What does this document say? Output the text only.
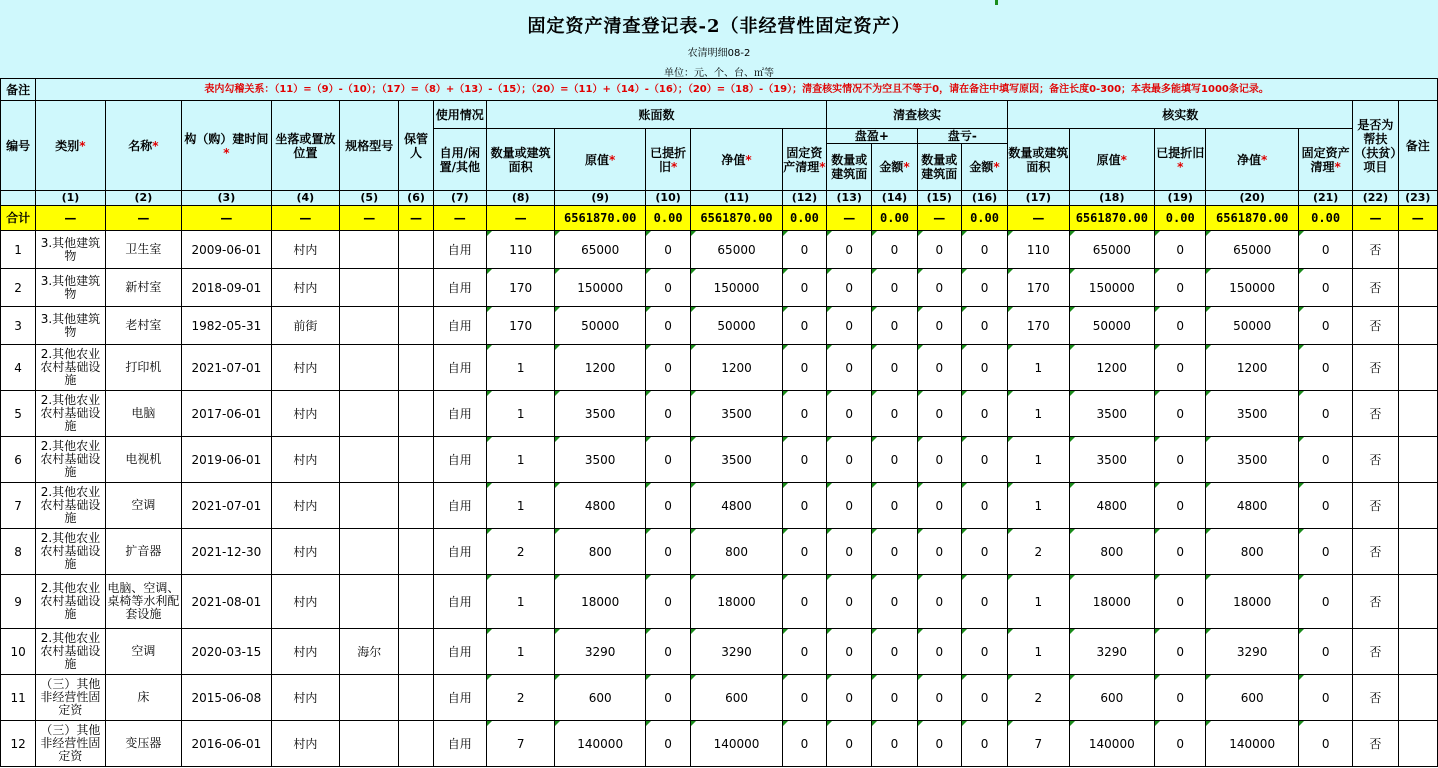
固定资产清查登记表-2（非经营性固定资产）
农清明细08-2
单位：元、个、台、㎡等
备注	表内勾稽关系：（11）=（9）-（10）；（17）=（8）+（13）-（15）；（20）=（11）+（14）-（16）；（20）=（18）-（19）；清查核实情况不为空且不等于0，请在备注中填写原因；备注长度0-300；本表最多能填写1000条记录。																						
编号	类别*	名称*	构（购）建时间*	坐落或置放位置	规格型号	保管人	使用情况	账面数					清查核实				核实数					是否为帮扶（扶贫）项目	备注
							自用/闲置/其他	数量或建筑面积	原值*	已提折旧*	净值*	固定资产清理*	盘盈+		盘亏-		数量或建筑面积	原值*	已提折旧*	净值*	固定资产清理*		
													数量或建筑面	金额*	数量或建筑面	金额*							
	(1)	(2)	(3)	(4)	(5)	(6)	(7)	(8)	(9)	(10)	(11)	(12)	(13)	(14)	(15)	(16)	(17)	(18)	(19)	(20)	(21)	(22)	(23)
合计	—	—	—	—	—	—	—	—	6561870.00	0.00	6561870.00	0.00	—	0.00	—	0.00	—	6561870.00	0.00	6561870.00	0.00	—	—
1	3.其他建筑物	卫生室	2009-06-01	村内			自用	110	65000	0	65000	0	0	0	0	0	110	65000	0	65000	0	否	
2	3.其他建筑物	新村室	2018-09-01	村内			自用	170	150000	0	150000	0	0	0	0	0	170	150000	0	150000	0	否	
3	3.其他建筑物	老村室	1982-05-31	前街			自用	170	50000	0	50000	0	0	0	0	0	170	50000	0	50000	0	否	
4	2.其他农业农村基础设施	打印机	2021-07-01	村内			自用	1	1200	0	1200	0	0	0	0	0	1	1200	0	1200	0	否	
5	2.其他农业农村基础设施	电脑	2017-06-01	村内			自用	1	3500	0	3500	0	0	0	0	0	1	3500	0	3500	0	否	
6	2.其他农业农村基础设施	电视机	2019-06-01	村内			自用	1	3500	0	3500	0	0	0	0	0	1	3500	0	3500	0	否	
7	2.其他农业农村基础设施	空调	2021-07-01	村内			自用	1	4800	0	4800	0	0	0	0	0	1	4800	0	4800	0	否	
8	2.其他农业农村基础设施	扩音器	2021-12-30	村内			自用	2	800	0	800	0	0	0	0	0	2	800	0	800	0	否	
9	2.其他农业农村基础设施	电脑、空调、桌椅等水利配套设施	2021-08-01	村内			自用	1	18000	0	18000	0	0	0	0	0	1	18000	0	18000	0	否	
10	2.其他农业农村基础设施	空调	2020-03-15	村内	海尔		自用	1	3290	0	3290	0	0	0	0	0	1	3290	0	3290	0	否	
11	（三）其他非经营性固定资	床	2015-06-08	村内			自用	2	600	0	600	0	0	0	0	0	2	600	0	600	0	否	
12	（三）其他非经营性固定资	变压器	2016-06-01	村内			自用	7	140000	0	140000	0	0	0	0	0	7	140000	0	140000	0	否	
